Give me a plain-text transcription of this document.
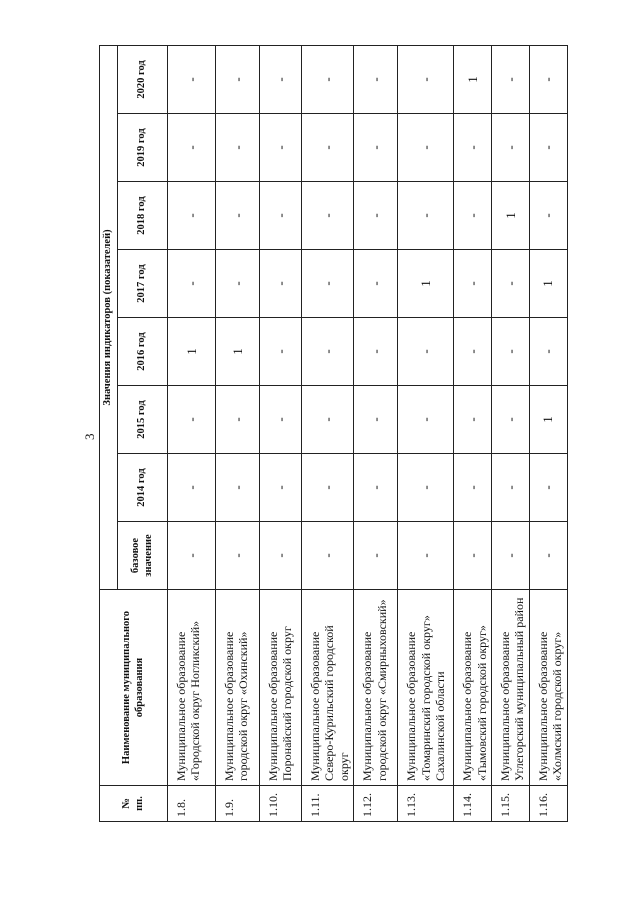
3
№ пп.	Наименование муниципального образования	Значения индикаторов (показателей)							
		базовое значение	2014 год	2015 год	2016 год	2017 год	2018 год	2019 год	2020 год
1.8.	Муниципальное образование «Городской округ Ногликский»	-	-	-	1	-	-	-	-
1.9.	Муниципальное образование городской округ «Охинский»	-	-	-	1	-	-	-	-
1.10.	Муниципальное образование Поронайский городской округ	-	-	-	-	-	-	-	-
1.11.	Муниципальное образование Северо-Курильский городской округ	-	-	-	-	-	-	-	-
1.12.	Муниципальное образование городской округ «Смирныховский»	-	-	-	-	-	-	-	-
1.13.	Муниципальное образование «Томаринский городской округ» Сахалинской области	-	-	-	-	1	-	-	-
1.14.	Муниципальное образование «Тымовский городской округ»	-	-	-	-	-	-	-	1
1.15.	Муниципальное образование Углегорский муниципальный район	-	-	-	-	-	1	-	-
1.16.	Муниципальное образование «Холмский городской округ»	-	-	1	-	1	-	-	-
